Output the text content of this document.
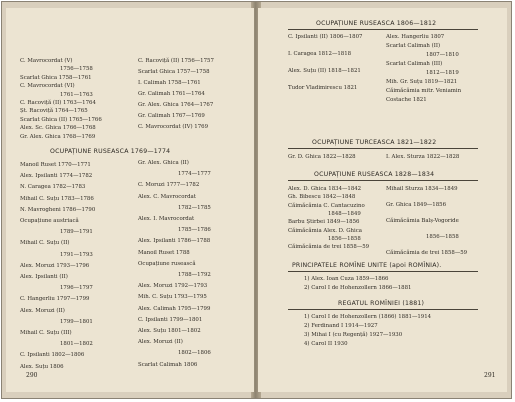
C. Mavrocordat (V)
1756—1758
Scarlat Ghica 1758—1761
C. Mavrocordat (VI)
1761—1763
C. Racoviță (II) 1763—1764
Șt. Racoviță 1764—1765
Scarlat Ghica (II) 1765—1766
Alex. Sc. Ghica 1766—1768
Gr. Alex. Ghica 1768—1769
C. Racoviță (II) 1756—1757
Scarlat Ghica 1757—1758
I. Calimah 1758—1761
Gr. Calimah 1761—1764
Gr. Alex. Ghica 1764—1767
Gr. Calimah 1767—1769
C. Mavrocordat (IV) 1769
OCUPAȚIUNE RUSEASCA 1769—1774
Manoil Ruset 1770—1771
Alex. Ipsilanti 1774—1782
N. Caragea 1782—1783
Mihail C. Suțu 1783—1786
N. Mavrogheni 1786—1790
Ocupațiune austriacă
1789—1791
Mihail C. Suțu (II)
1791—1793
Alex. Moruzi 1793—1796
Alex. Ipsilanti (II)
1796—1797
C. Hangerliu 1797—1799
Alex. Moruzi (II)
1799—1801
Mihail C. Suțu (III)
1801—1802
C. Ipsilanti 1802—1806
Alex. Suțu 1806
Gr. Alex. Ghica (II)
1774—1777
C. Moruzi 1777—1782
Alex. C. Mavrocordat
1782—1785
Alex. I. Mavrocordat
1785—1786
Alex. Ipsilanti 1786—1788
Manoil Ruset 1788
Ocupațiune rusească
1788—1792
Alex. Moruzi 1792—1793
Mih. C. Suțu 1793—1795
Alex. Calimah 1795—1799
C. Ipsilanti 1799—1801
Alex. Suțu 1801—1802
Alex. Moruzi (II)
1802—1806
Scarlat Calimah 1806
290
OCUPAȚIUNE RUSEASCA 1806—1812
C. Ipsilanti (II) 1806—1807
I. Caragea 1812—1818
Alex. Suțu (II) 1818—1821
Tudor Vladimirescu 1821
Alex. Hangerliu 1807
Scarlat Calimah (II)
1807—1810
Scarlat Calimah (III)
1812—1819
Mih. Gr. Suțu 1819—1821
Căimăcămia mitr. Veniamin
Costache 1821
OCUPAȚIUNE TURCEASCA 1821—1822
Gr. D. Ghica 1822—1828	I. Alex. Sturza 1822—1828
OCUPAȚIUNE RUSEASCA 1828—1834
Alex. D. Ghica 1834—1842
Gh. Bibescu 1842—1848
Căimăcămia C. Cantacuzino
1848—1849
Barbu Știrbei 1849—1856
Căimăcămia Alex. D. Ghica
1856—1858
Căimăcămia de trei 1858—59
Mihail Sturza 1834—1849
Gr. Ghica 1849—1856
Căimăcămia Balș-Vogoride
1856—1858
Căimăcămia de trei 1858—59
PRINCIPATELE ROMÎNE UNITE (apoi ROMÎNIA).
1) Alex. Ioan Cuza 1859—1866
2) Carol I de Hohenzollern 1866—1881
REGATUL ROMÎNIEI (1881)
1) Carol I de Hohenzollern (1866) 1881—1914
2) Ferdinand I 1914—1927
3) Mihai I (cu Regență) 1927—1930
4) Carol II 1930
291
